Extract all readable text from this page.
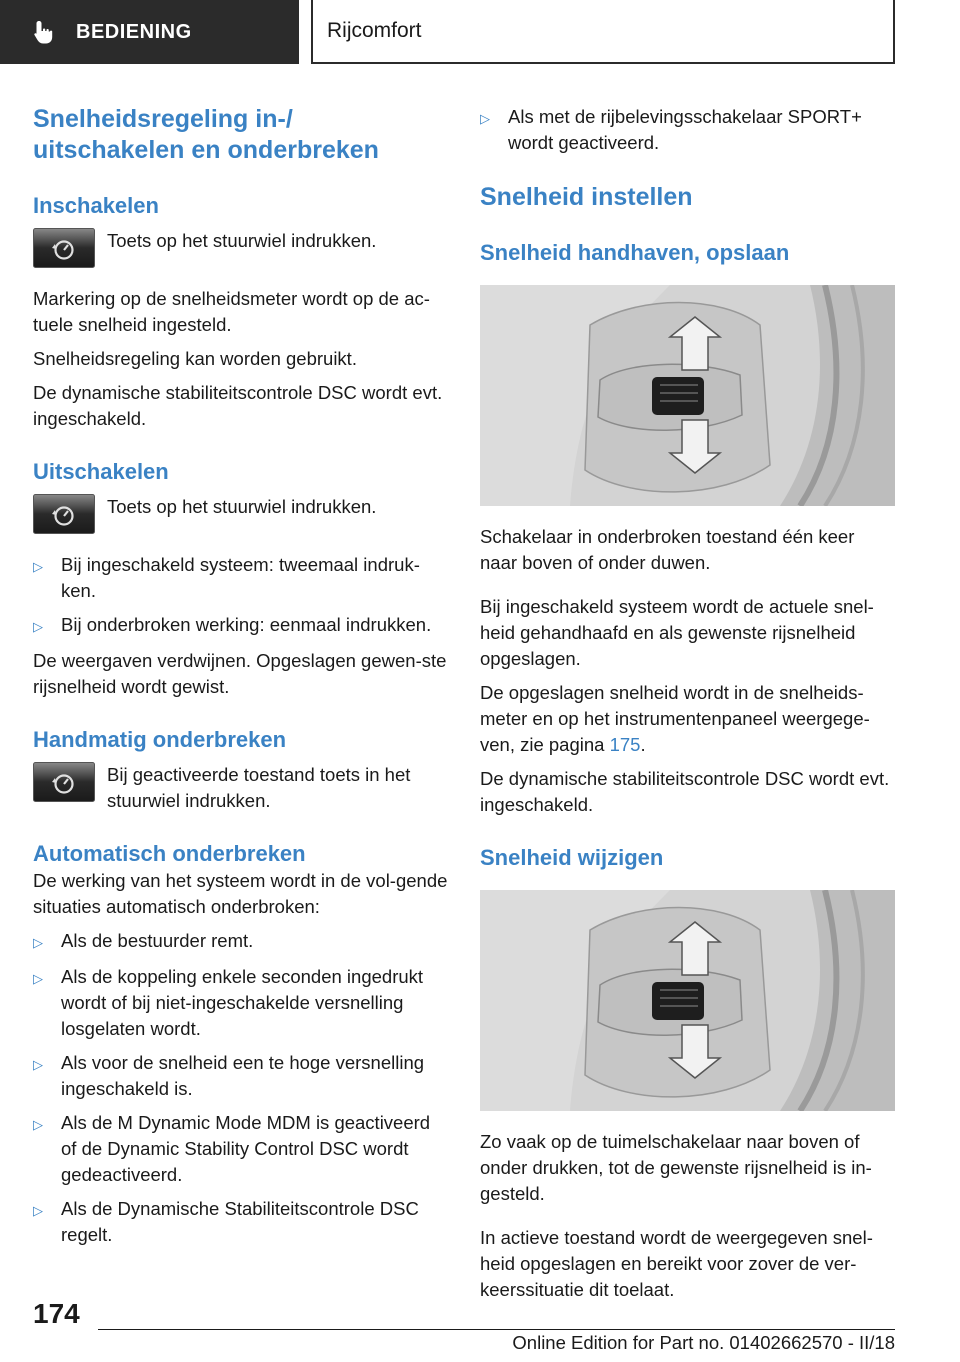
BEDIENING	Rijcomfort
Snelheidsregeling in-/ uitschakelen en onderbreken
Inschakelen

Toets op het stuurwiel indrukken.

Markering op de snelheidsmeter wordt op de ac-tuele snelheid ingesteld.

Snelheidsregeling kan worden gebruikt.

De dynamische stabiliteitscontrole DSC wordt evt. ingeschakeld.

Uitschakelen

Toets op het stuurwiel indrukken.

▷ Bij ingeschakeld systeem: tweemaal indruk-ken.
▷ Bij onderbroken werking: eenmaal indrukken.

De weergaven verdwijnen. Opgeslagen gewen-ste rijsnelheid wordt gewist.

Handmatig onderbreken

Bij geactiveerde toestand toets in het stuurwiel indrukken.

Automatisch onderbreken

De werking van het systeem wordt in de vol-gende situaties automatisch onderbroken:

▷ Als de bestuurder remt.
▷ Als de koppeling enkele seconden ingedrukt wordt of bij niet-ingeschakelde versnelling losgelaten wordt.
▷ Als voor de snelheid een te hoge versnelling ingeschakeld is.
▷ Als de M Dynamic Mode MDM is geactiveerd of de Dynamic Stability Control DSC wordt gedeactiveerd.
▷ Als de Dynamische Stabiliteitscontrole DSC regelt.
▷ Als met de rijbelevingsschakelaar SPORT+ wordt geactiveerd.
Snelheid instellen
Snelheid handhaven, opslaan

Schakelaar in onderbroken toestand één keer naar boven of onder duwen.

Bij ingeschakeld systeem wordt de actuele snel-heid gehandhaafd en als gewenste rijsnelheid opgeslagen.

De opgeslagen snelheid wordt in de snelheids-meter en op het instrumentenpaneel weergege-ven, zie pagina 175.

De dynamische stabiliteitscontrole DSC wordt evt. ingeschakeld.

Snelheid wijzigen

Zo vaak op de tuimelschakelaar naar boven of onder drukken, tot de gewenste rijsnelheid is in-gesteld.

In actieve toestand wordt de weergegeven snel-heid opgeslagen en bereikt voor zover de ver-keerssituatie dit toelaat.

174
Online Edition for Part no. 01402662570 - II/18
